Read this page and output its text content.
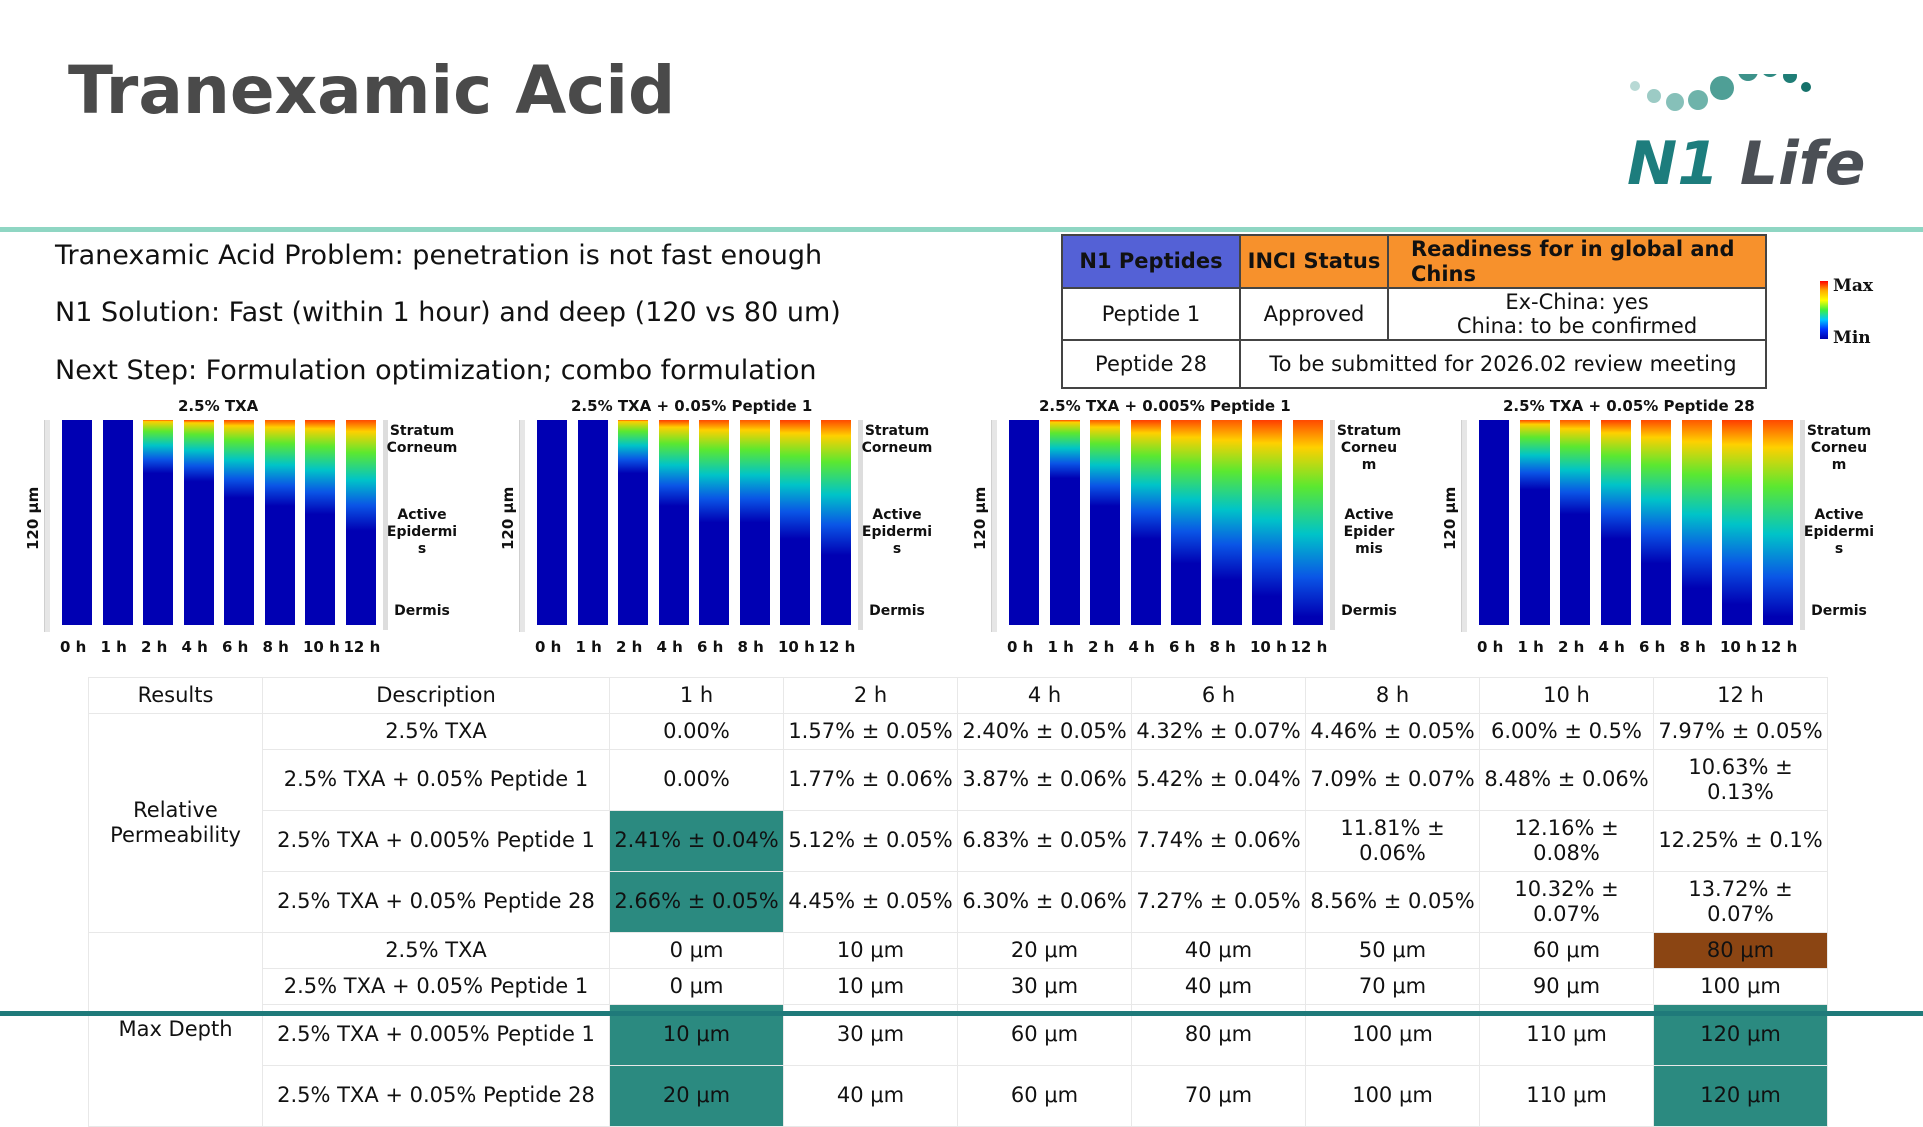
Tranexamic Acid
N1 Life
Tranexamic Acid Problem: penetration is not fast enough
N1 Solution: Fast (within 1 hour) and deep (120 vs 80 um)
Next Step: Formulation optimization; combo formulation
N1 Peptides	INCI Status	Readiness for in global and Chins
Peptide 1	Approved	Ex-China: yes
China: to be confirmed

Peptide 28	To be submitted for 2026.02 review meeting	
Max
Min
2.5% TXA
120 μm
0 h 1 h 2 h 4 h 6 h 8 h 10 h 12 h
Stratum
Corneum
Active
Epidermi
s
Dermis
2.5% TXA + 0.05% Peptide 1
120 μm
0 h 1 h 2 h 4 h 6 h 8 h 10 h 12 h
Stratum
Corneum
Active
Epidermi
s
Dermis
2.5% TXA + 0.005% Peptide 1
120 μm
0 h 1 h 2 h 4 h 6 h 8 h 10 h 12 h
Stratum
Corneu
m
Active
Epider
mis
Dermis
2.5% TXA + 0.05% Peptide 28
120 μm
0 h 1 h 2 h 4 h 6 h 8 h 10 h 12 h
Stratum
Corneu
m
Active
Epidermi
s
Dermis
Results	Description	1 h	2 h	4 h	6 h	8 h	10 h	12 h
Relative Permeability	2.5% TXA	0.00%	1.57% ± 0.05%	2.40% ± 0.05%	4.32% ± 0.07%	4.46% ± 0.05%	6.00% ± 0.5%	7.97% ± 0.05%
	2.5% TXA + 0.05% Peptide 1	0.00%	1.77% ± 0.06%	3.87% ± 0.06%	5.42% ± 0.04%	7.09% ± 0.07%	8.48% ± 0.06%	10.63% ± 0.13%
	2.5% TXA + 0.005% Peptide 1	2.41% ± 0.04%	5.12% ± 0.05%	6.83% ± 0.05%	7.74% ± 0.06%	11.81% ± 0.06%	12.16% ± 0.08%	12.25% ± 0.1%
	2.5% TXA + 0.05% Peptide 28	2.66% ± 0.05%	4.45% ± 0.05%	6.30% ± 0.06%	7.27% ± 0.05%	8.56% ± 0.05%	10.32% ± 0.07%	13.72% ± 0.07%
Max Depth	2.5% TXA	0 μm	10 μm	20 μm	40 μm	50 μm	60 μm	80 μm
	2.5% TXA + 0.05% Peptide 1	0 μm	10 μm	30 μm	40 μm	70 μm	90 μm	100 μm
	2.5% TXA + 0.005% Peptide 1	10 μm	30 μm	60 μm	80 μm	100 μm	110 μm	120 μm
	2.5% TXA + 0.05% Peptide 28	20 μm	40 μm	60 μm	70 μm	100 μm	110 μm	120 μm
